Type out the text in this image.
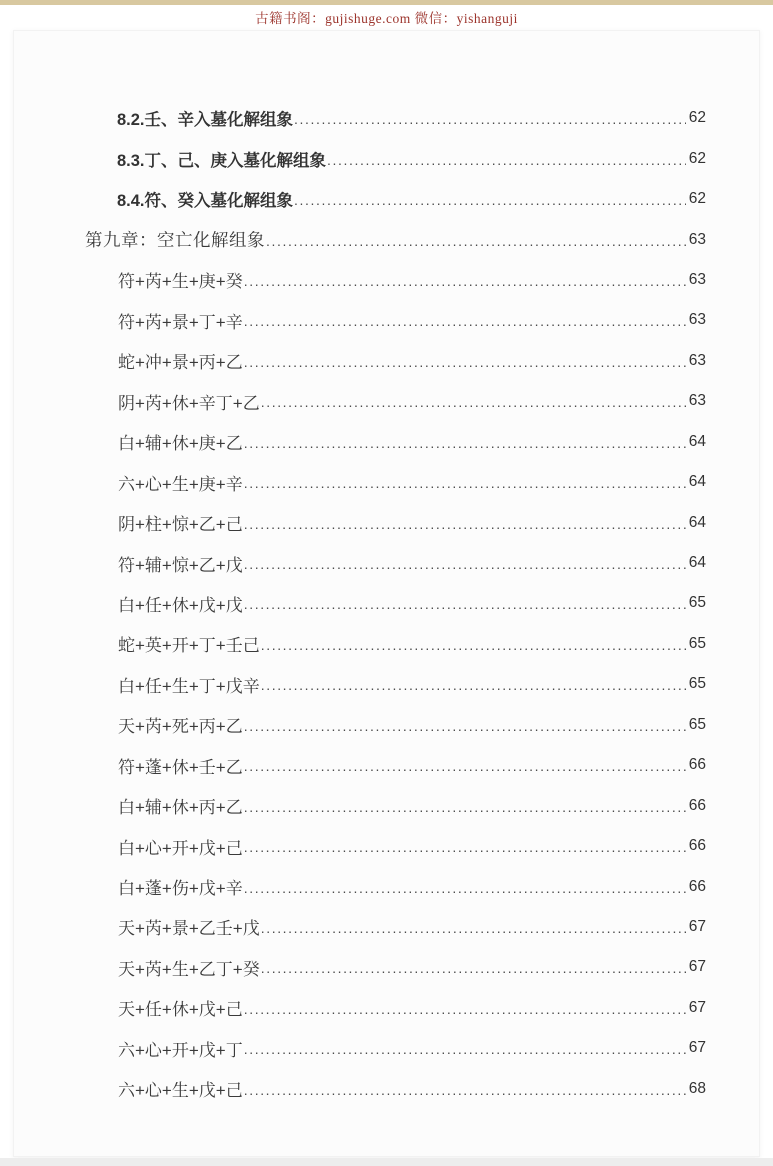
古籍书阁：gujishuge.com 微信：yishanguji
8.2.壬、辛入墓化解组象 .....	62
8.3.丁、己、庚入墓化解组象 .....	62
8.4.符、癸入墓化解组象 .....	62
第九章：空亡化解组象 .....	63
符+芮+生+庚+癸 .....	63
符+芮+景+丁+辛 .....	63
蛇+冲+景+丙+乙 .....	63
阴+芮+休+辛丁+乙 .....	63
白+辅+休+庚+乙 .....	64
六+心+生+庚+辛 .....	64
阴+柱+惊+乙+己 .....	64
符+辅+惊+乙+戊 .....	64
白+任+休+戊+戊 .....	65
蛇+英+开+丁+壬己 .....	65
白+任+生+丁+戊辛 .....	65
天+芮+死+丙+乙 .....	65
符+蓬+休+壬+乙 .....	66
白+辅+休+丙+乙 .....	66
白+心+开+戊+己 .....	66
白+蓬+伤+戊+辛 .....	66
天+芮+景+乙壬+戊 .....	67
天+芮+生+乙丁+癸 .....	67
天+任+休+戊+己 .....	67
六+心+开+戊+丁 .....	67
六+心+生+戊+己 .....	68
